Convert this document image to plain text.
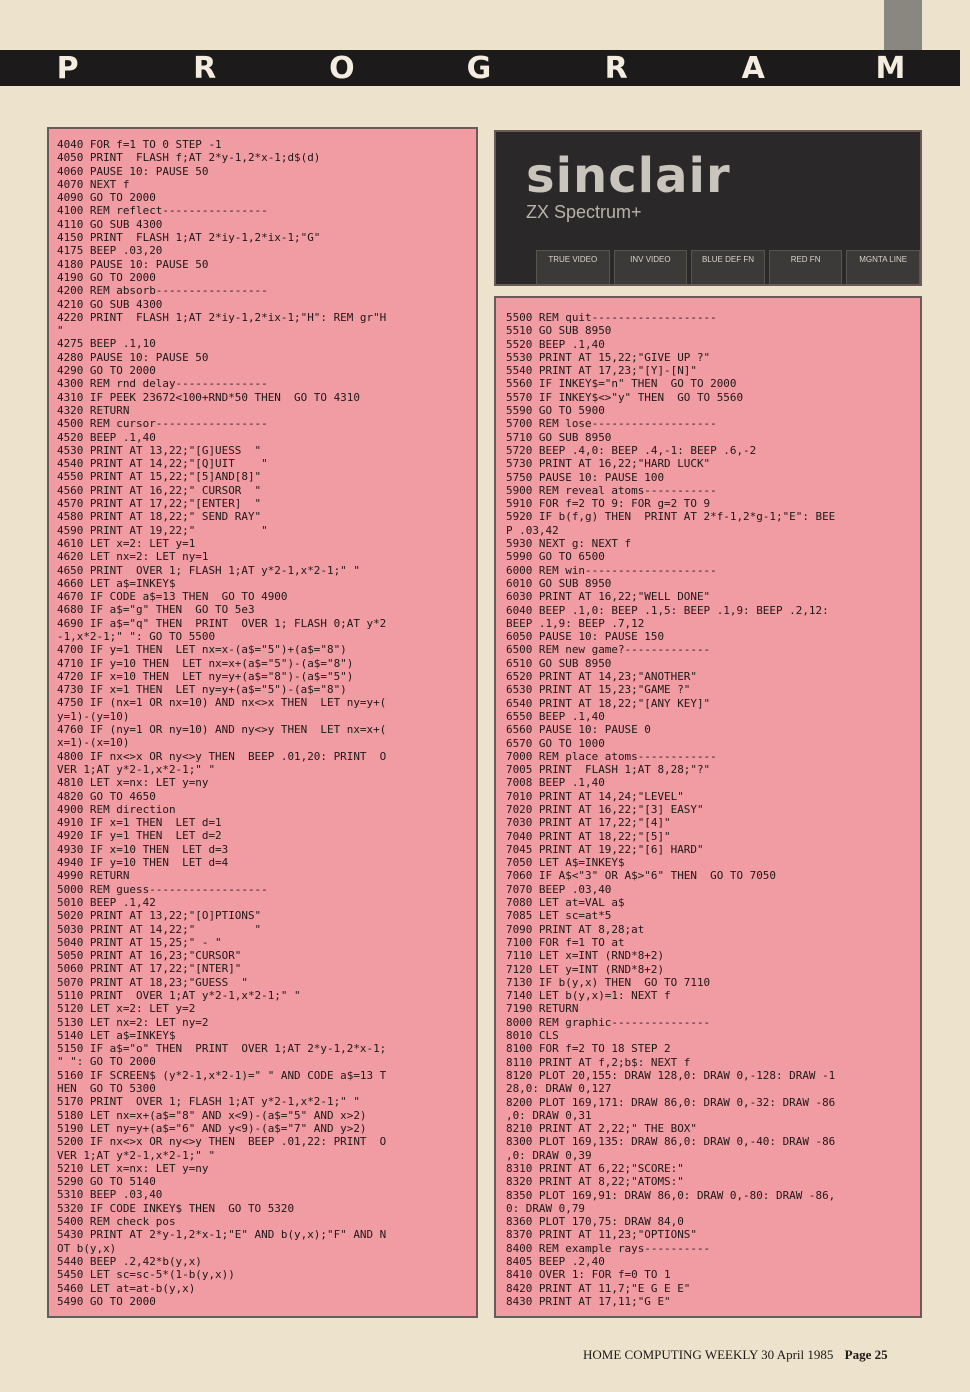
P	R	O	G	R	A	M
4040 FOR f=1 TO 0 STEP -1
4050 PRINT  FLASH f;AT 2*y-1,2*x-1;d$(d)
4060 PAUSE 10: PAUSE 50
4070 NEXT f
4090 GO TO 2000
4100 REM reflect----------------
4110 GO SUB 4300
4150 PRINT  FLASH 1;AT 2*iy-1,2*ix-1;"G"
4175 BEEP .03,20
4180 PAUSE 10: PAUSE 50
4190 GO TO 2000
4200 REM absorb-----------------
4210 GO SUB 4300
4220 PRINT  FLASH 1;AT 2*iy-1,2*ix-1;"H": REM gr"H
"
4275 BEEP .1,10
4280 PAUSE 10: PAUSE 50
4290 GO TO 2000
4300 REM rnd delay--------------
4310 IF PEEK 23672<100+RND*50 THEN  GO TO 4310
4320 RETURN
4500 REM cursor-----------------
4520 BEEP .1,40
4530 PRINT AT 13,22;"[G]UESS  "
4540 PRINT AT 14,22;"[Q]UIT    "
4550 PRINT AT 15,22;"[5]AND[8]"
4560 PRINT AT 16,22;" CURSOR  "
4570 PRINT AT 17,22;"[ENTER]  "
4580 PRINT AT 18,22;" SEND RAY"
4590 PRINT AT 19,22;"          "
4610 LET x=2: LET y=1
4620 LET nx=2: LET ny=1
4650 PRINT  OVER 1; FLASH 1;AT y*2-1,x*2-1;" "
4660 LET a$=INKEY$
4670 IF CODE a$=13 THEN  GO TO 4900
4680 IF a$="g" THEN  GO TO 5e3
4690 IF a$="q" THEN  PRINT  OVER 1; FLASH 0;AT y*2
-1,x*2-1;" ": GO TO 5500
4700 IF y=1 THEN  LET nx=x-(a$="5")+(a$="8")
4710 IF y=10 THEN  LET nx=x+(a$="5")-(a$="8")
4720 IF x=10 THEN  LET ny=y+(a$="8")-(a$="5")
4730 IF x=1 THEN  LET ny=y+(a$="5")-(a$="8")
4750 IF (nx=1 OR nx=10) AND nx<>x THEN  LET ny=y+(
y=1)-(y=10)
4760 IF (ny=1 OR ny=10) AND ny<>y THEN  LET nx=x+(
x=1)-(x=10)
4800 IF nx<>x OR ny<>y THEN  BEEP .01,20: PRINT  O
VER 1;AT y*2-1,x*2-1;" "
4810 LET x=nx: LET y=ny
4820 GO TO 4650
4900 REM direction
4910 IF x=1 THEN  LET d=1
4920 IF y=1 THEN  LET d=2
4930 IF x=10 THEN  LET d=3
4940 IF y=10 THEN  LET d=4
4990 RETURN
5000 REM guess------------------
5010 BEEP .1,42
5020 PRINT AT 13,22;"[O]PTIONS"
5030 PRINT AT 14,22;"         "
5040 PRINT AT 15,25;" - "
5050 PRINT AT 16,23;"CURSOR"
5060 PRINT AT 17,22;"[NTER]"
5070 PRINT AT 18,23;"GUESS  "
5110 PRINT  OVER 1;AT y*2-1,x*2-1;" "
5120 LET x=2: LET y=2
5130 LET nx=2: LET ny=2
5140 LET a$=INKEY$
5150 IF a$="o" THEN  PRINT  OVER 1;AT 2*y-1,2*x-1;
" ": GO TO 2000
5160 IF SCREEN$ (y*2-1,x*2-1)=" " AND CODE a$=13 T
HEN  GO TO 5300
5170 PRINT  OVER 1; FLASH 1;AT y*2-1,x*2-1;" "
5180 LET nx=x+(a$="8" AND x<9)-(a$="5" AND x>2)
5190 LET ny=y+(a$="6" AND y<9)-(a$="7" AND y>2)
5200 IF nx<>x OR ny<>y THEN  BEEP .01,22: PRINT  O
VER 1;AT y*2-1,x*2-1;" "
5210 LET x=nx: LET y=ny
5290 GO TO 5140
5310 BEEP .03,40
5320 IF CODE INKEY$ THEN  GO TO 5320
5400 REM check pos
5430 PRINT AT 2*y-1,2*x-1;"E" AND b(y,x);"F" AND N
OT b(y,x)
5440 BEEP .2,42*b(y,x)
5450 LET sc=sc-5*(1-b(y,x))
5460 LET at=at-b(y,x)
5490 GO TO 2000
sinclair
ZX Spectrum+
TRUE VIDEO	INV VIDEO	BLUE DEF FN	RED FN	MGNTA LINE
5500 REM quit-------------------
5510 GO SUB 8950
5520 BEEP .1,40
5530 PRINT AT 15,22;"GIVE UP ?"
5540 PRINT AT 17,23;"[Y]-[N]"
5560 IF INKEY$="n" THEN  GO TO 2000
5570 IF INKEY$<>"y" THEN  GO TO 5560
5590 GO TO 5900
5700 REM lose-------------------
5710 GO SUB 8950
5720 BEEP .4,0: BEEP .4,-1: BEEP .6,-2
5730 PRINT AT 16,22;"HARD LUCK"
5750 PAUSE 10: PAUSE 100
5900 REM reveal atoms-----------
5910 FOR f=2 TO 9: FOR g=2 TO 9
5920 IF b(f,g) THEN  PRINT AT 2*f-1,2*g-1;"E": BEE
P .03,42
5930 NEXT g: NEXT f
5990 GO TO 6500
6000 REM win--------------------
6010 GO SUB 8950
6030 PRINT AT 16,22;"WELL DONE"
6040 BEEP .1,0: BEEP .1,5: BEEP .1,9: BEEP .2,12:
BEEP .1,9: BEEP .7,12
6050 PAUSE 10: PAUSE 150
6500 REM new game?-------------
6510 GO SUB 8950
6520 PRINT AT 14,23;"ANOTHER"
6530 PRINT AT 15,23;"GAME ?"
6540 PRINT AT 18,22;"[ANY KEY]"
6550 BEEP .1,40
6560 PAUSE 10: PAUSE 0
6570 GO TO 1000
7000 REM place atoms------------
7005 PRINT  FLASH 1;AT 8,28;"?"
7008 BEEP .1,40
7010 PRINT AT 14,24;"LEVEL"
7020 PRINT AT 16,22;"[3] EASY"
7030 PRINT AT 17,22;"[4]"
7040 PRINT AT 18,22;"[5]"
7045 PRINT AT 19,22;"[6] HARD"
7050 LET A$=INKEY$
7060 IF A$<"3" OR A$>"6" THEN  GO TO 7050
7070 BEEP .03,40
7080 LET at=VAL a$
7085 LET sc=at*5
7090 PRINT AT 8,28;at
7100 FOR f=1 TO at
7110 LET x=INT (RND*8+2)
7120 LET y=INT (RND*8+2)
7130 IF b(y,x) THEN  GO TO 7110
7140 LET b(y,x)=1: NEXT f
7190 RETURN
8000 REM graphic---------------
8010 CLS
8100 FOR f=2 TO 18 STEP 2
8110 PRINT AT f,2;b$: NEXT f
8120 PLOT 20,155: DRAW 128,0: DRAW 0,-128: DRAW -1
28,0: DRAW 0,127
8200 PLOT 169,171: DRAW 86,0: DRAW 0,-32: DRAW -86
,0: DRAW 0,31
8210 PRINT AT 2,22;" THE BOX"
8300 PLOT 169,135: DRAW 86,0: DRAW 0,-40: DRAW -86
,0: DRAW 0,39
8310 PRINT AT 6,22;"SCORE:"
8320 PRINT AT 8,22;"ATOMS:"
8350 PLOT 169,91: DRAW 86,0: DRAW 0,-80: DRAW -86,
0: DRAW 0,79
8360 PLOT 170,75: DRAW 84,0
8370 PRINT AT 11,23;"OPTIONS"
8400 REM example rays----------
8405 BEEP .2,40
8410 OVER 1: FOR f=0 TO 1
8420 PRINT AT 11,7;"E G E E"
8430 PRINT AT 17,11;"G E"
HOME COMPUTING WEEKLY 30 April 1985 Page 25
